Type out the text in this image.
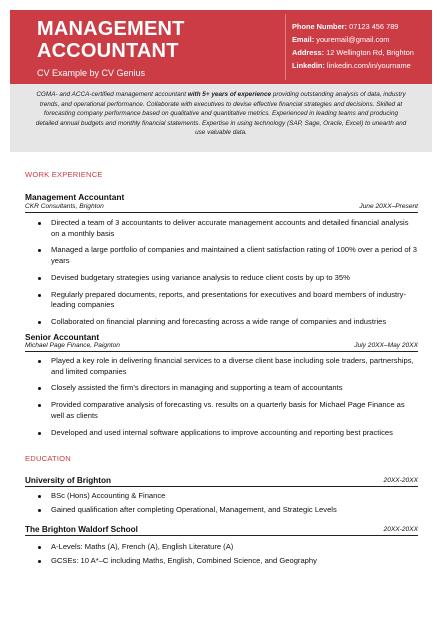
MANAGEMENT
ACCOUNTANT
CV Example by CV Genius
Phone Number: 07123 456 789
Email: youremail@gmail.com
Address: 12 Wellington Rd, Brighton
Linkedin: linkedin.com/in/yourname
CGMA- and ACCA-certified management accountant with 5+ years of experience providing outstanding analysis of data, industry trends, and operational performance. Collaborate with executives to devise effective financial strategies and decisions. Skilled at forecasting company performance based on qualitative and quantitative metrics. Experienced in leading teams and producing detailed annual budgets and monthly financial statements. Expertise in using technology (SAP, Sage, Oracle, Excel) to unearth and use valuable data.
WORK EXPERIENCE
Management Accountant
CKR Consultants, Brighton	June 20XX–Present
Directed a team of 3 accountants to deliver accurate management accounts and detailed financial analysis on a monthly basis
Managed a large portfolio of companies and maintained a client satisfaction rating of 100% over a period of 3 years
Devised budgetary strategies using variance analysis to reduce client costs by up to 35%
Regularly prepared documents, reports, and presentations for executives and board members of industry-leading companies
Collaborated on financial planning and forecasting across a wide range of companies and industries
Senior Accountant
Michael Page Finance, Paignton	July 20XX–May 20XX
Played a key role in delivering financial services to a diverse client base including sole traders, partnerships, and limited companies
Closely assisted the firm’s directors in managing and supporting a team of accountants
Provided comparative analysis of forecasting vs. results on a quarterly basis for Michael Page Finance as well as clients
Developed and used internal software applications to improve accounting and reporting best practices
EDUCATION
University of Brighton	20XX-20XX
BSc (Hons) Accounting & Finance
Gained qualification after completing Operational, Management, and Strategic Levels
The Brighton Waldorf School	20XX-20XX
A-Levels: Maths (A), French (A), English Literature (A)
GCSEs: 10 A*–C including Maths, English, Combined Science, and Geography
